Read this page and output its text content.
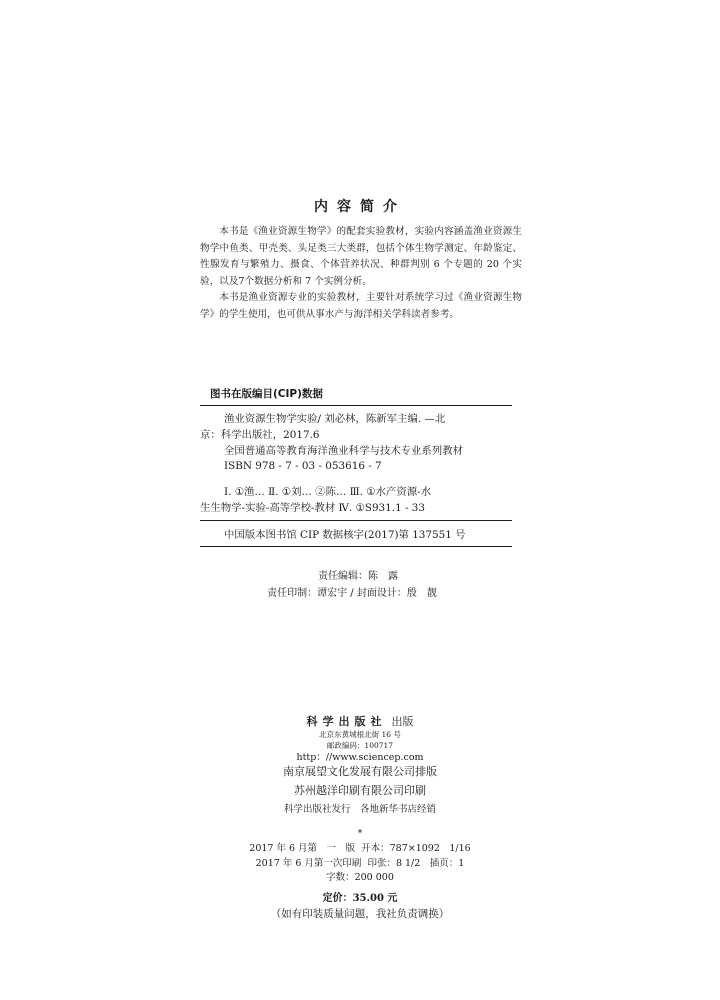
内容简介

本书是《渔业资源生物学》的配套实验教材，实验内容涵盖渔业资源生物学中鱼类、甲壳类、头足类三大类群，包括个体生物学测定、年龄鉴定、性腺发育与繁殖力、摄食、个体营养状况、种群判别 6 个专题的 20 个实验，以及7个数据分析和 7 个实例分析。

本书是渔业资源专业的实验教材，主要针对系统学习过《渔业资源生物学》的学生使用，也可供从事水产与海洋相关学科读者参考。

图书在版编目(CIP)数据
渔业资源生物学实验/ 刘必林，陈新军主编. —北
京：科学出版社，2017.6
全国普通高等教育海洋渔业科学与技术专业系列教材
ISBN 978 - 7 - 03 - 053616 - 7
Ⅰ. ①渔… Ⅱ. ①刘… ②陈… Ⅲ. ①水产资源-水
生生物学-实验-高等学校-教材 Ⅳ. ①S931.1 - 33
中国版本图书馆 CIP 数据核字(2017)第 137551 号
责任编辑：陈　露
责任印制：谭宏宇 / 封面设计：殷　靓
科学出版社 出版
北京东黄城根北街 16 号
邮政编码：100717
http：//www.sciencep.com
南京展望文化发展有限公司排版
苏州越洋印刷有限公司印刷
科学出版社发行　各地新华书店经销
*
2017 年 6 月第　一　版 开本：787×1092　1/16
2017 年 6 月第一次印刷 印张：8 1/2　插页：1
字数：200 000
定价：35.00 元
（如有印装质量问题，我社负责调换）
